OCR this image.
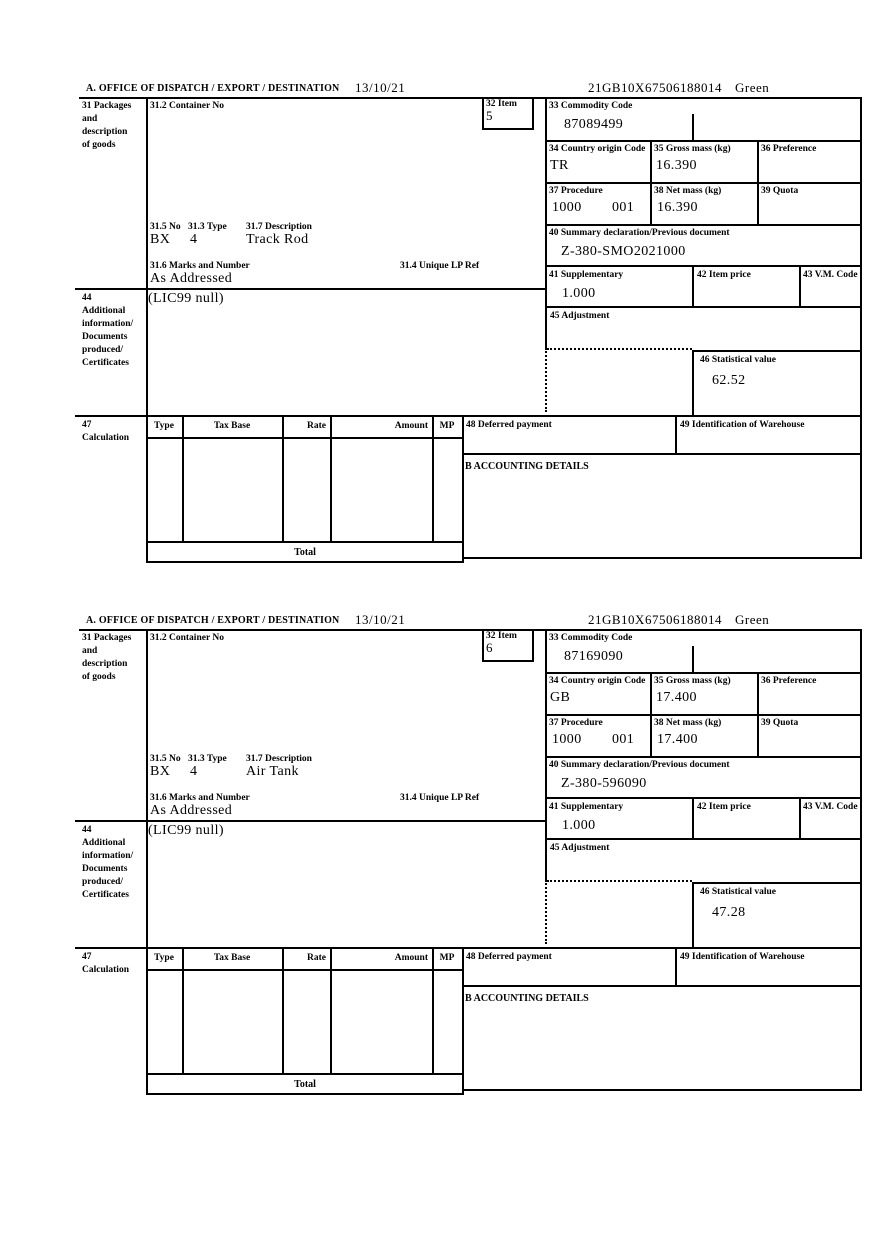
A. OFFICE OF DISPATCH / EXPORT / DESTINATION 13/10/21	21GB10X67506188014 Green
31 Packages
and
description
of goods
31.2 Container No	32 Item
5
33 Commodity Code
87089499
34 Country origin Code
TR
35 Gross mass (kg)
16.390
36 Preference
37 Procedure
1000 001
38 Net mass (kg)
16.390
39 Quota
40 Summary declaration/Previous document
Z-380-SMO2021000
41 Supplementary
1.000
42 Item price	43 V.M. Code
31.5 No 31.3 Type 31.7 Description
BX 4	Track Rod
31.6 Marks and Number	31.4 Unique LP Ref
As Addressed
44
Additional
information/
Documents
produced/
Certificates
(LIC99 null)
45 Adjustment
46 Statistical value
62.52
47
Calculation
Type	Tax Base	Rate	Amount	MP
Total
48 Deferred payment	49 Identification of Warehouse
B ACCOUNTING DETAILS
A. OFFICE OF DISPATCH / EXPORT / DESTINATION 13/10/21	21GB10X67506188014 Green
31 Packages
and
description
of goods
31.2 Container No	32 Item
6
33 Commodity Code
87169090
34 Country origin Code
GB
35 Gross mass (kg)
17.400
36 Preference
37 Procedure
1000 001
38 Net mass (kg)
17.400
39 Quota
40 Summary declaration/Previous document
Z-380-596090
41 Supplementary
1.000
42 Item price	43 V.M. Code
31.5 No 31.3 Type 31.7 Description
BX 4	Air Tank
31.6 Marks and Number	31.4 Unique LP Ref
As Addressed
44
Additional
information/
Documents
produced/
Certificates
(LIC99 null)
45 Adjustment
46 Statistical value
47.28
47
Calculation
Type	Tax Base	Rate	Amount	MP
Total
48 Deferred payment	49 Identification of Warehouse
B ACCOUNTING DETAILS
